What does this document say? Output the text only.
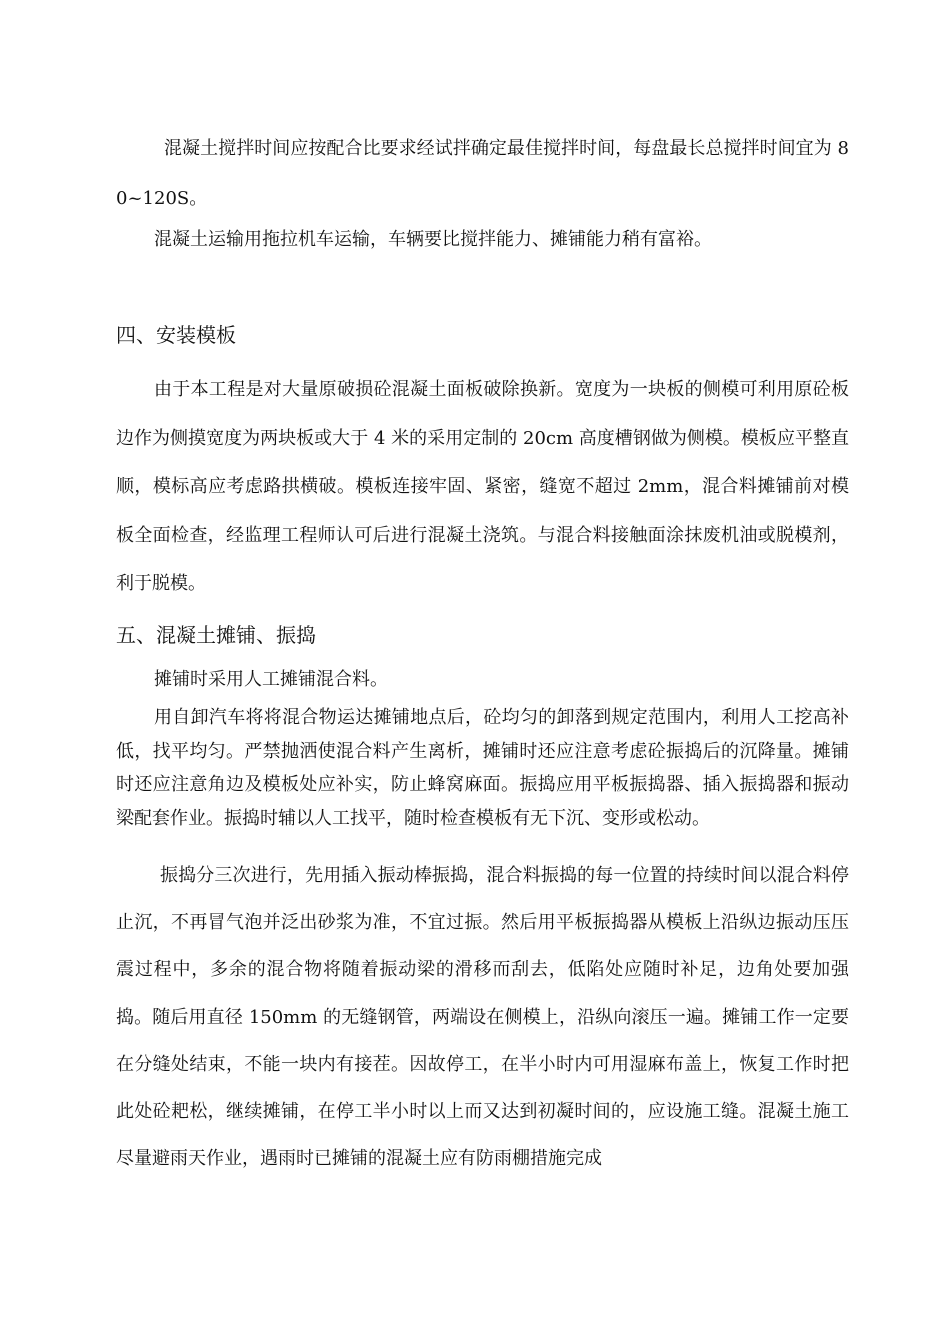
混凝土搅拌时间应按配合比要求经试拌确定最佳搅拌时间，每盘最长总搅拌时间宜为 80~120S。

混凝土运输用拖拉机车运输，车辆要比搅拌能力、摊铺能力稍有富裕。

四、安装模板

由于本工程是对大量原破损砼混凝土面板破除换新。宽度为一块板的侧模可利用原砼板边作为侧摸宽度为两块板或大于 4 米的采用定制的 20cm 高度槽钢做为侧模。模板应平整直顺，模标高应考虑路拱横破。模板连接牢固、紧密，缝宽不超过 2mm，混合料摊铺前对模板全面检查，经监理工程师认可后进行混凝土浇筑。与混合料接触面涂抹废机油或脱模剂，利于脱模。

五、混凝土摊铺、振捣

摊铺时采用人工摊铺混合料。

用自卸汽车将将混合物运达摊铺地点后，砼均匀的卸落到规定范围内，利用人工挖高补低，找平均匀。严禁抛洒使混合料产生离析，摊铺时还应注意考虑砼振捣后的沉降量。摊铺时还应注意角边及模板处应补实，防止蜂窝麻面。振捣应用平板振捣器、插入振捣器和振动梁配套作业。振捣时辅以人工找平，随时检查模板有无下沉、变形或松动。

振捣分三次进行，先用插入振动棒振捣，混合料振捣的每一位置的持续时间以混合料停止沉，不再冒气泡并泛出砂浆为准，不宜过振。然后用平板振捣器从模板上沿纵边振动压压震过程中，多余的混合物将随着振动梁的滑移而刮去，低陷处应随时补足，边角处要加强捣。随后用直径 150mm 的无缝钢管，两端设在侧模上，沿纵向滚压一遍。摊铺工作一定要在分缝处结束，不能一块内有接茬。因故停工，在半小时内可用湿麻布盖上，恢复工作时把此处砼耙松，继续摊铺，在停工半小时以上而又达到初凝时间的，应设施工缝。混凝土施工尽量避雨天作业，遇雨时已摊铺的混凝土应有防雨棚措施完成
